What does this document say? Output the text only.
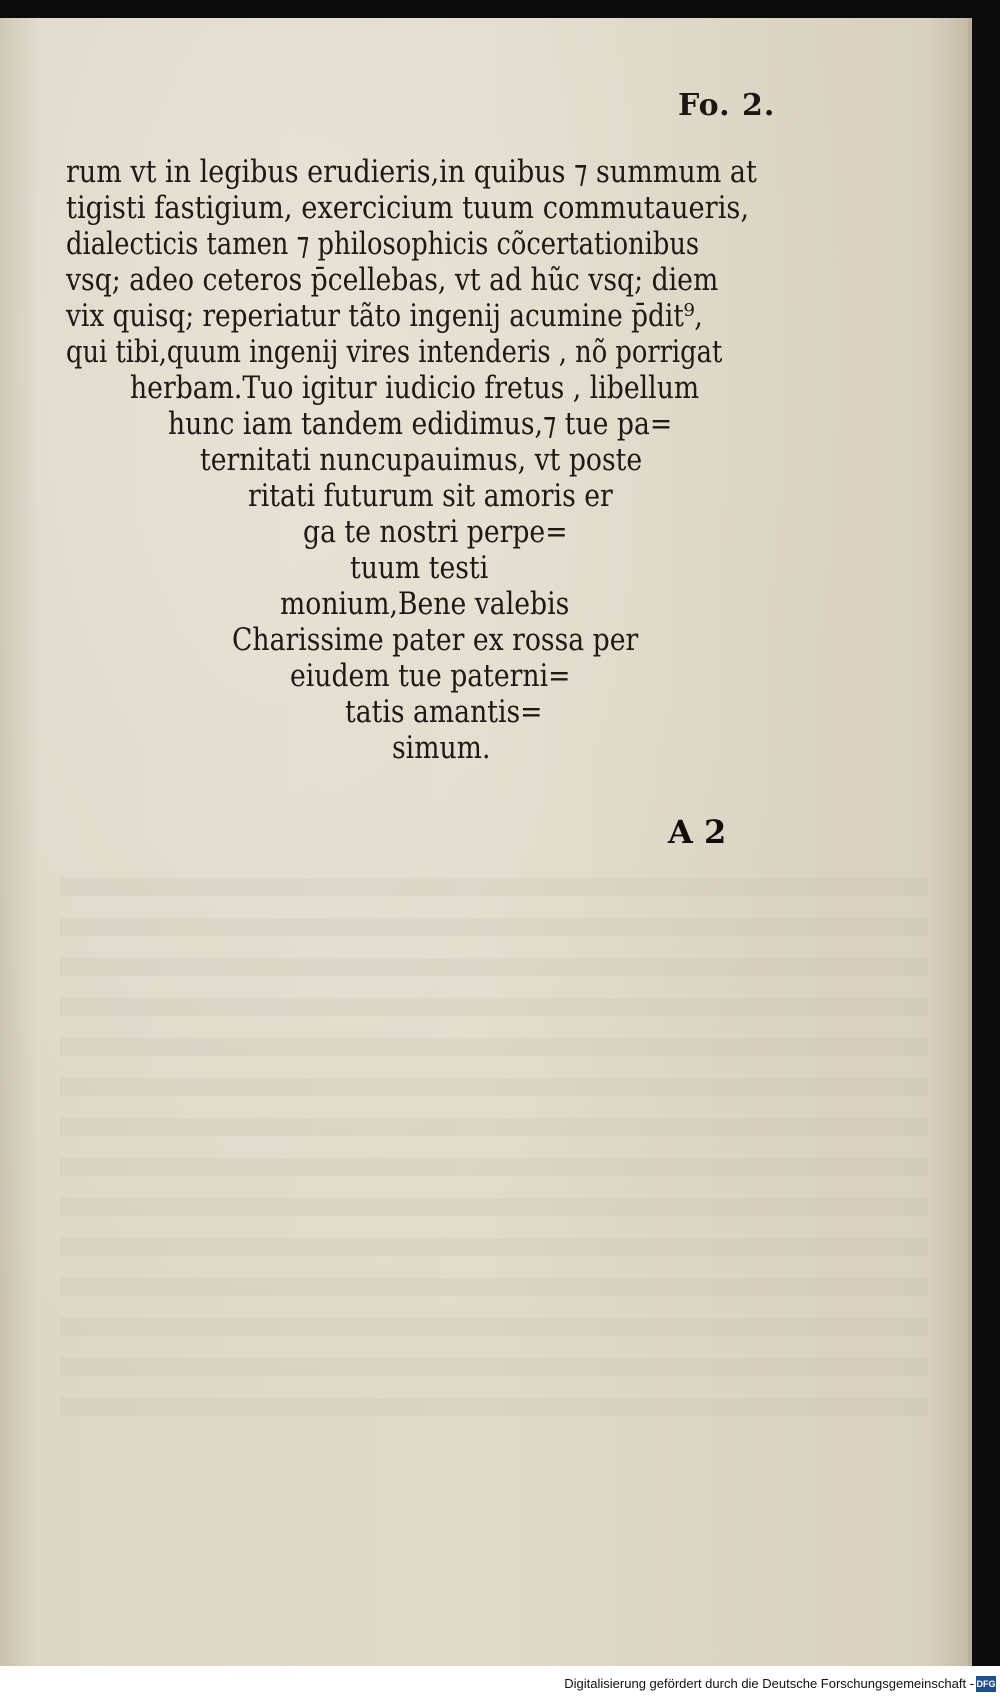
Fo. 2.
rum vt in legibus erudieris,in quibus ⁊ summum at
tigisti fastigium, exercicium tuum commutaueris,
dialecticis tamen ⁊ philosophicis cõcertationibus
vsq; adeo ceteros p̄cellebas, vt ad hũc vsq; diem
vix quisq; reperiatur tãto ingenij acumine p̄dit⁹,
qui tibi,quum ingenij vires intenderis , nõ porrigat
herbam.Tuo igitur iudicio fretus , libellum
hunc iam tandem edidimus,⁊ tue pa=
ternitati nuncupauimus, vt poste
ritati futurum sit amoris er
ga te nostri perpe=
tuum testi
monium,Bene valebis
Charissime pater ex rossa per
eiudem tue paterni=
tatis amantis=
simum.
A 2
Digitalisierung gefördert durch die Deutsche Forschungsgemeinschaft - DFG
